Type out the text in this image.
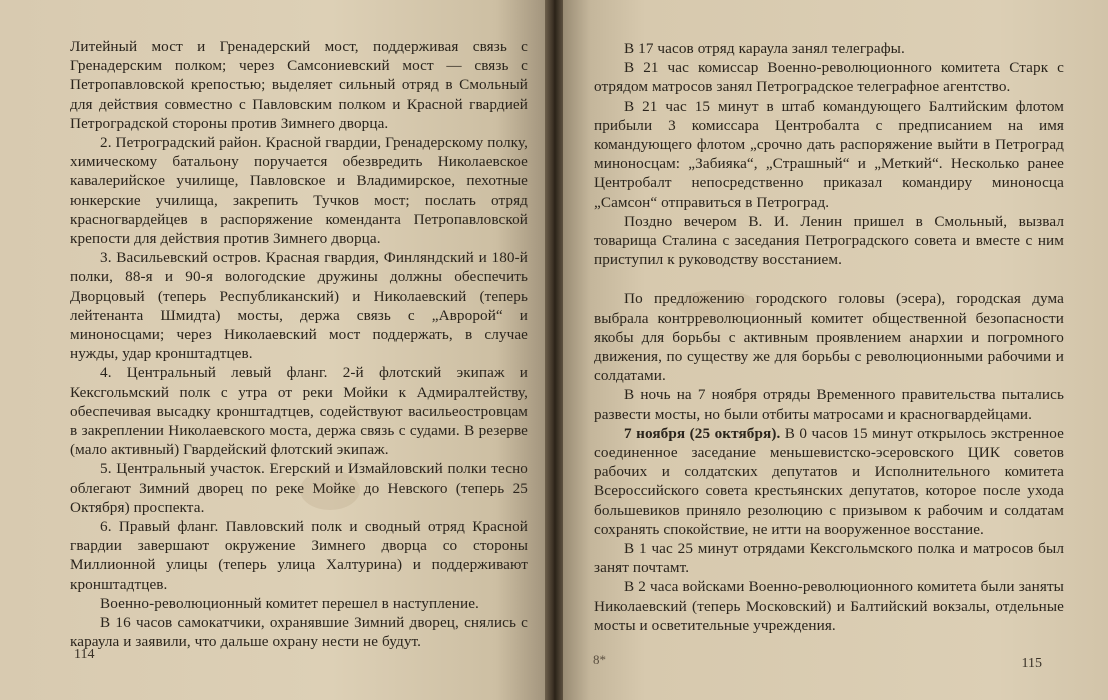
Литейный мост и Гренадерский мост, поддерживая связь с Гренадерским полком; через Самсониевский мост — связь с Петропавловской крепостью; выделяет сильный отряд в Смольный для действия совместно с Павловским полком и Красной гвардией Петроградской стороны против Зимнего дворца.

2. Петроградский район. Красной гвардии, Гренадерскому полку, химическому батальону поручается обезвредить Николаевское кавалерийское училище, Павловское и Владимирское, пехотные юнкерские училища, закрепить Тучков мост; послать отряд красногвардейцев в распоряжение коменданта Петропавловской крепости для действия против Зимнего дворца.

3. Васильевский остров. Красная гвардия, Финляндский и 180-й полки, 88-я и 90-я вологодские дружины должны обеспечить Дворцовый (теперь Республиканский) и Николаевский (теперь лейтенанта Шмидта) мосты, держа связь с „Авророй“ и миноносцами; через Николаевский мост поддержать, в случае нужды, удар кронштадтцев.

4. Центральный левый фланг. 2-й флотский экипаж и Кексгольмский полк с утра от реки Мойки к Адмиралтейству, обеспечивая высадку кронштадтцев, содействуют васильеостровцам в закреплении Николаевского моста, держа связь с судами. В резерве (мало активный) Гвардейский флотский экипаж.

5. Центральный участок. Егерский и Измайловский полки тесно облегают Зимний дворец по реке Мойке до Невского (теперь 25 Октября) проспекта.

6. Правый фланг. Павловский полк и сводный отряд Красной гвардии завершают окружение Зимнего дворца со стороны Миллионной улицы (теперь улица Халтурина) и поддерживают кронштадтцев.

Военно-революционный комитет перешел в наступление.

В 16 часов самокатчики, охранявшие Зимний дворец, снялись с караула и заявили, что дальше охрану нести не будут.

114

В 17 часов отряд караула занял телеграфы.

В 21 час комиссар Военно-революционного комитета Старк с отрядом матросов занял Петроградское телеграфное агентство.

В 21 час 15 минут в штаб командующего Балтийским флотом прибыли 3 комиссара Центробалта с предписанием на имя командующего флотом „срочно дать распоряжение выйти в Петроград миноносцам: „Забияка“, „Страшный“ и „Меткий“. Несколько ранее Центробалт непосредственно приказал командиру миноносца „Самсон“ отправиться в Петроград.

Поздно вечером В. И. Ленин пришел в Смольный, вызвал товарища Сталина с заседания Петроградского совета и вместе с ним приступил к руководству восстанием.

По предложению городского головы (эсера), городская дума выбрала контрреволюционный комитет общественной безопасности якобы для борьбы с активным проявлением анархии и погромного движения, по существу же для борьбы с революционными рабочими и солдатами.

В ночь на 7 ноября отряды Временного правительства пытались развести мосты, но были отбиты матросами и красногвардейцами.

7 ноября (25 октября). В 0 часов 15 минут открылось экстренное соединенное заседание меньшевистско-эсеровского ЦИК советов рабочих и солдатских депутатов и Исполнительного комитета Всероссийского совета крестьянских депутатов, которое после ухода большевиков приняло резолюцию с призывом к рабочим и солдатам сохранять спокойствие, не итти на вооруженное восстание.

В 1 час 25 минут отрядами Кексгольмского полка и матросов был занят почтамт.

В 2 часа войсками Военно-революционного комитета были заняты Николаевский (теперь Московский) и Балтийский вокзалы, отдельные мосты и осветительные учреждения.

8*	115
